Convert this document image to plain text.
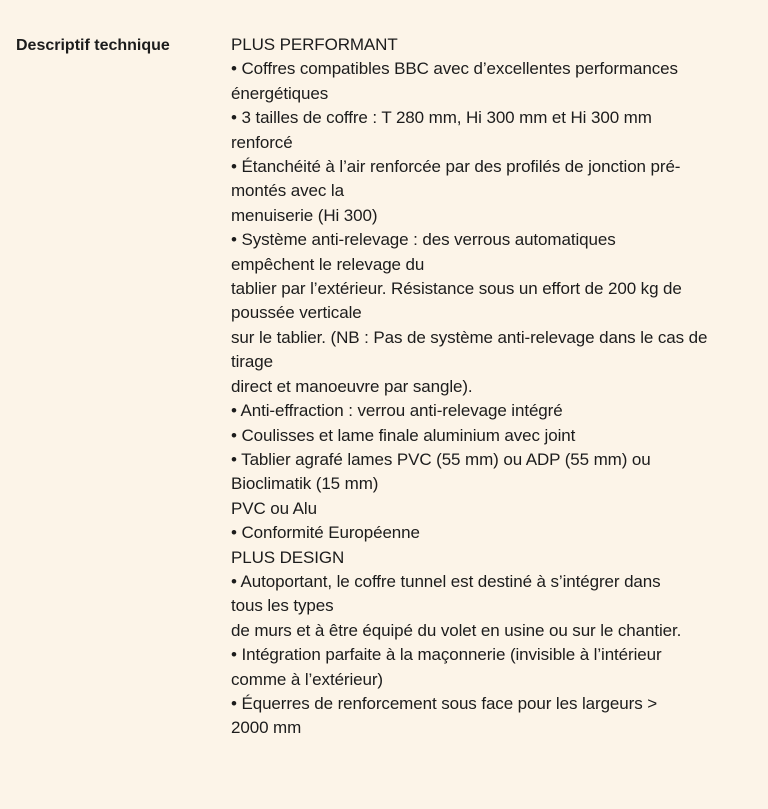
Descriptif technique	PLUS PERFORMANT
• Coffres compatibles BBC avec d’excellentes performances
énergétiques
• 3 tailles de coffre : T 280 mm, Hi 300 mm et Hi 300 mm
renforcé
• Étanchéité à l’air renforcée par des profilés de jonction pré-
montés avec la
menuiserie (Hi 300)
• Système anti-relevage : des verrous automatiques
empêchent le relevage du
tablier par l’extérieur. Résistance sous un effort de 200 kg de
poussée verticale
sur le tablier. (NB : Pas de système anti-relevage dans le cas de
tirage
direct et manoeuvre par sangle).
• Anti-effraction : verrou anti-relevage intégré
• Coulisses et lame finale aluminium avec joint
• Tablier agrafé lames PVC (55 mm) ou ADP (55 mm) ou
Bioclimatik (15 mm)
PVC ou Alu
• Conformité Européenne
PLUS DESIGN
• Autoportant, le coffre tunnel est destiné à s’intégrer dans
tous les types
de murs et à être équipé du volet en usine ou sur le chantier.
• Intégration parfaite à la maçonnerie (invisible à l’intérieur
comme à l’extérieur)
• Équerres de renforcement sous face pour les largeurs >
2000 mm
